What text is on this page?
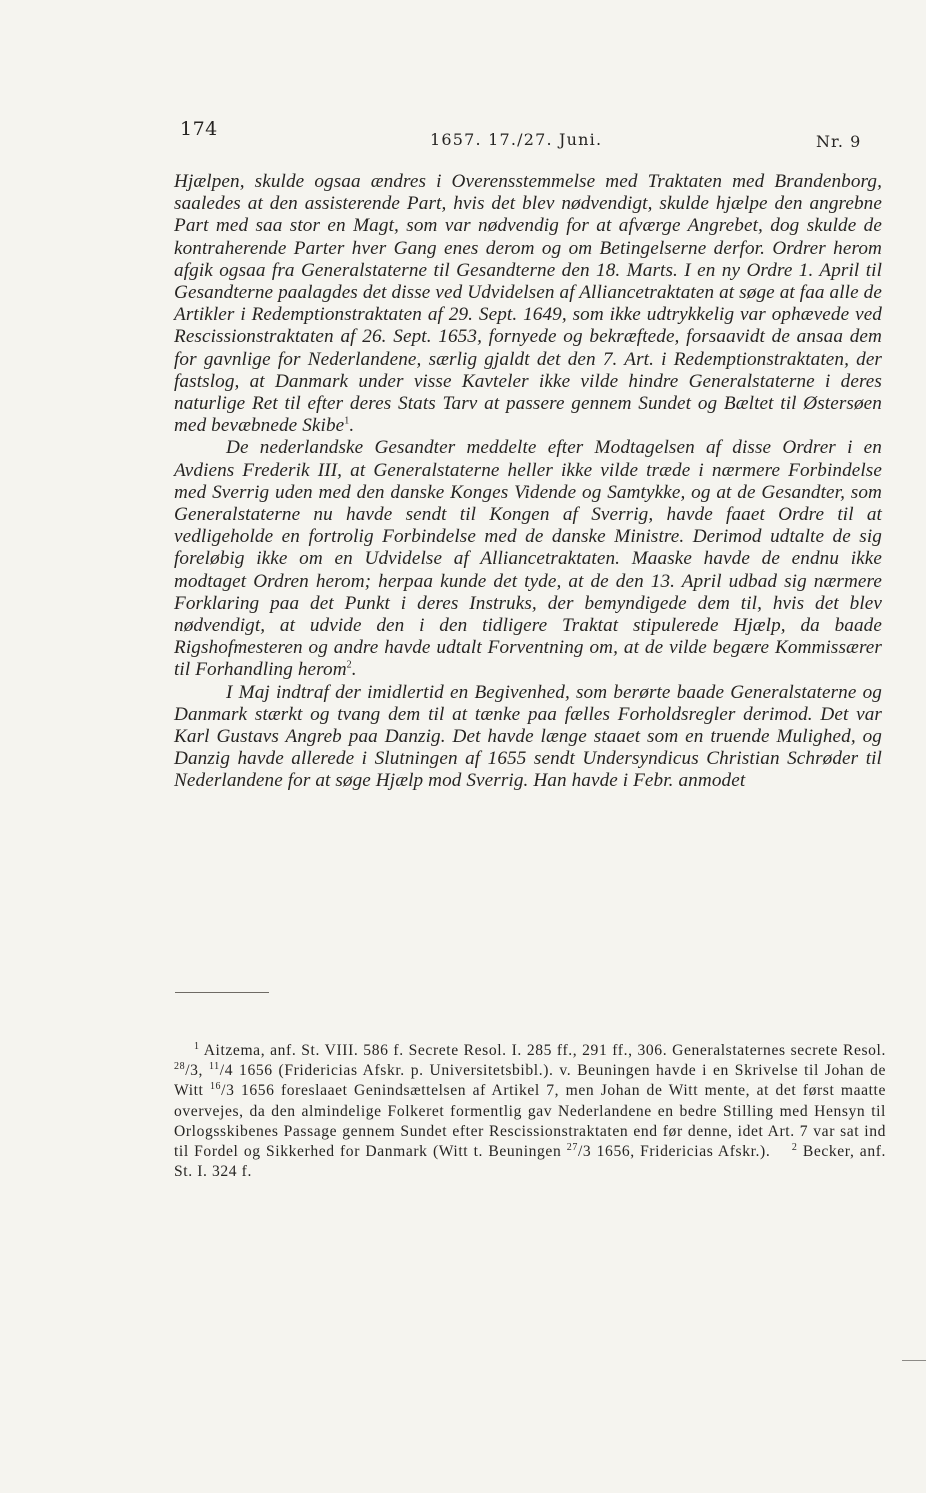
174	1657. 17./27. Juni.	Nr. 9

Hjælpen, skulde ogsaa ændres i Overensstemmelse med Traktaten med Brandenborg, saaledes at den assisterende Part, hvis det blev nødvendigt, skulde hjælpe den angrebne Part med saa stor en Magt, som var nødvendig for at afværge Angrebet, dog skulde de kontraherende Parter hver Gang enes derom og om Betingelserne derfor. Ordrer herom afgik ogsaa fra Generalstaterne til Gesandterne den 18. Marts. I en ny Ordre 1. April til Gesandterne paalagdes det disse ved Udvidelsen af Alliancetraktaten at søge at faa alle de Artikler i Redemptionstraktaten af 29. Sept. 1649, som ikke udtrykkelig var ophævede ved Rescissionstraktaten af 26. Sept. 1653, fornyede og bekræftede, forsaavidt de ansaa dem for gavnlige for Nederlandene, særlig gjaldt det den 7. Art. i Redemptionstraktaten, der fastslog, at Danmark under visse Kavteler ikke vilde hindre Generalstaterne i deres naturlige Ret til efter deres Stats Tarv at passere gennem Sundet og Bæltet til Østersøen med bevæbnede Skibe$^1$.

De nederlandske Gesandter meddelte efter Modtagelsen af disse Ordrer i en Avdiens Frederik III, at Generalstaterne heller ikke vilde træde i nærmere Forbindelse med Sverrig uden med den danske Konges Vidende og Samtykke, og at de Gesandter, som Generalstaterne nu havde sendt til Kongen af Sverrig, havde faaet Ordre til at vedligeholde en fortrolig Forbindelse med de danske Ministre. Derimod udtalte de sig foreløbig ikke om en Udvidelse af Alliancetraktaten. Maaske havde de endnu ikke modtaget Ordren herom; herpaa kunde det tyde, at de den 13. April udbad sig nærmere Forklaring paa det Punkt i deres Instruks, der bemyndigede dem til, hvis det blev nødvendigt, at udvide den i den tidligere Traktat stipulerede Hjælp, da baade Rigshofmesteren og andre havde udtalt Forventning om, at de vilde begære Kommissærer til Forhandling herom$^2$.

I Maj indtraf der imidlertid en Begivenhed, som berørte baade Generalstaterne og Danmark stærkt og tvang dem til at tænke paa fælles Forholdsregler derimod. Det var Karl Gustavs Angreb paa Danzig. Det havde længe staaet som en truende Mulighed, og Danzig havde allerede i Slutningen af 1655 sendt Undersyndicus Christian Schrøder til Nederlandene for at søge Hjælp mod Sverrig. Han havde i Febr. anmodet

$^1$ Aitzema, anf. St. VIII. 586 f. Secrete Resol. I. 285 ff., 291 ff., 306. Generalstaternes secrete Resol. $^{28}$/3, $^{11}$/4 1656 (Fridericias Afskr. p. Universitetsbibl.). v. Beuningen havde i en Skrivelse til Johan de Witt $^{16}$/3 1656 foreslaaet Genindsættelsen af Artikel 7, men Johan de Witt mente, at det først maatte overvejes, da den almindelige Folkeret formentlig gav Nederlandene en bedre Stilling med Hensyn til Orlogsskibenes Passage gennem Sundet efter Rescissionstraktaten end før denne, idet Art. 7 var sat ind til Fordel og Sikkerhed for Danmark (Witt t. Beuningen $^{27}$/3 1656, Fridericias Afskr.). $^2$ Becker, anf. St. I. 324 f.
